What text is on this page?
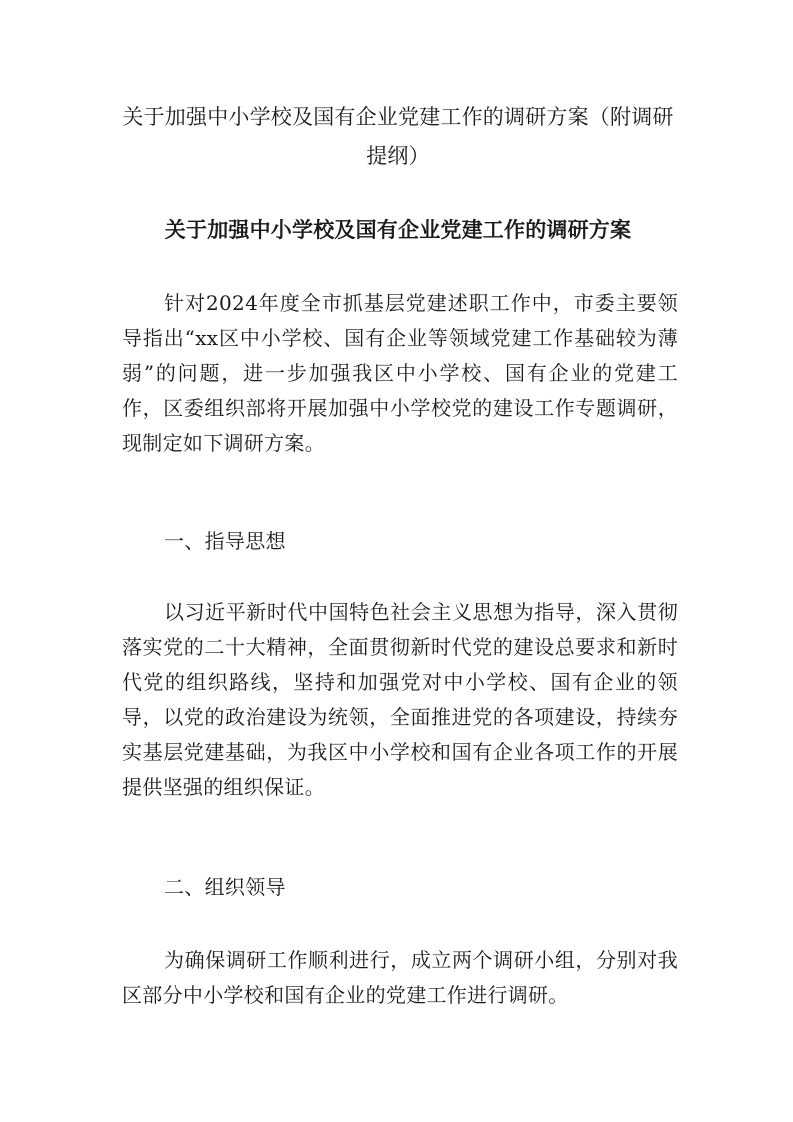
关于加强中小学校及国有企业党建工作的调研方案（附调研提纲）
关于加强中小学校及国有企业党建工作的调研方案
针对2024年度全市抓基层党建述职工作中，市委主要领导指出“xx区中小学校、国有企业等领域党建工作基础较为薄弱”的问题，进一步加强我区中小学校、国有企业的党建工作，区委组织部将开展加强中小学校党的建设工作专题调研，现制定如下调研方案。
一、指导思想
以习近平新时代中国特色社会主义思想为指导，深入贯彻落实党的二十大精神，全面贯彻新时代党的建设总要求和新时代党的组织路线，坚持和加强党对中小学校、国有企业的领导，以党的政治建设为统领，全面推进党的各项建设，持续夯实基层党建基础，为我区中小学校和国有企业各项工作的开展提供坚强的组织保证。
二、组织领导
为确保调研工作顺利进行，成立两个调研小组，分别对我区部分中小学校和国有企业的党建工作进行调研。
